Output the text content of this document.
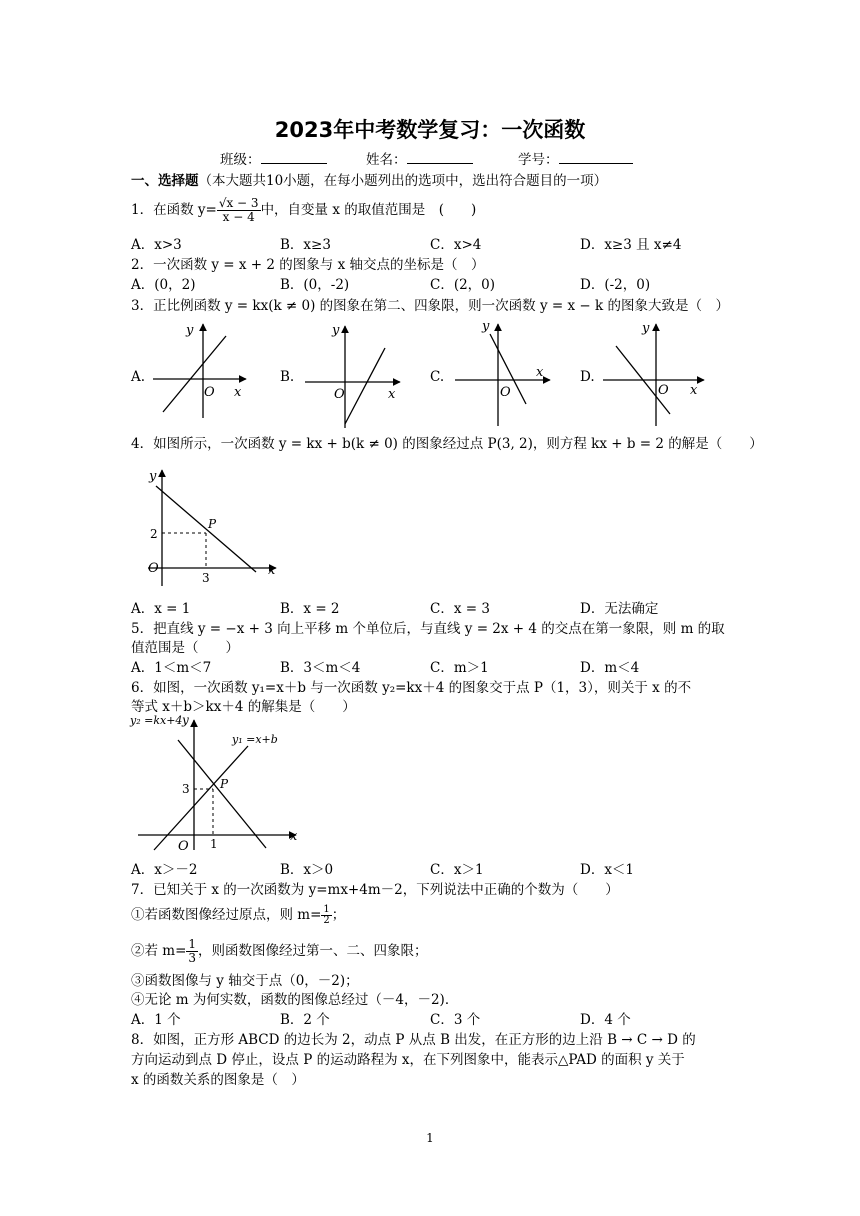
2023年中考数学复习：一次函数
班级：	姓名：	学号：
一、选择题（本大题共10小题，在每小题列出的选项中，选出符合题目的一项）
1．在函数 $y= \frac{√x - 3}{x - 4}$ 中，自变量 x 的取值范围是　(　　)
A．x>3	B．x≥3	C．x>4	D．x≥3 且 x≠4
2．一次函数 y = x + 2 的图象与 x 轴交点的坐标是（　）
A．(0，2)	B．(0，-2)	C．(2，0)	D．(-2，0)
3．正比例函数 y = kx(k ≠ 0) 的图象在第二、四象限，则一次函数 y = x − k 的图象大致是（　）
A.	B.	C.	D.
y
O x
y
O	x
y
O
x
y
O x
4．如图所示，一次函数 y = kx + b(k ≠ 0) 的图象经过点 P(3, 2)，则方程 kx + b = 2 的解是（　　）
y
2
P
O
3	x
A．x = 1	B．x = 2	C．x = 3	D．无法确定
5．把直线 y = −x + 3 向上平移 m 个单位后，与直线 y = 2x + 4 的交点在第一象限，则 m 的取
值范围是（　　）
A．1＜m＜7	B．3＜m＜4	C．m＞1	D．m＜4
6．如图，一次函数 y₁=x＋b 与一次函数 y₂=kx＋4 的图象交于点 P（1，3），则关于 x 的不
等式 x＋b＞kx＋4 的解集是（　　）
y₂ =kx+4 y
y₁ =x+b
P
3
O 1	x
A．x＞－2	B．x＞0	C．x＞1	D．x＜1
7．已知关于 x 的一次函数为 y=mx+4m－2，下列说法中正确的个数为（　　）
①若函数图像经过原点，则 $m= \frac{1}{2}$ ；
②若 $m= \frac{1}{3}$ ，则函数图像经过第一、二、四象限；
③函数图像与 y 轴交于点（0，－2)；
④无论 m 为何实数，函数的图像总经过（－4，－2)．
A．1 个	B．2 个	C．3 个	D．4 个
8．如图，正方形 ABCD 的边长为 2，动点 P 从点 B 出发，在正方形的边上沿 B → C → D 的
方向运动到点 D 停止，设点 P 的运动路程为 x，在下列图象中，能表示△PAD 的面积 y 关于
x 的函数关系的图象是（　）
1
